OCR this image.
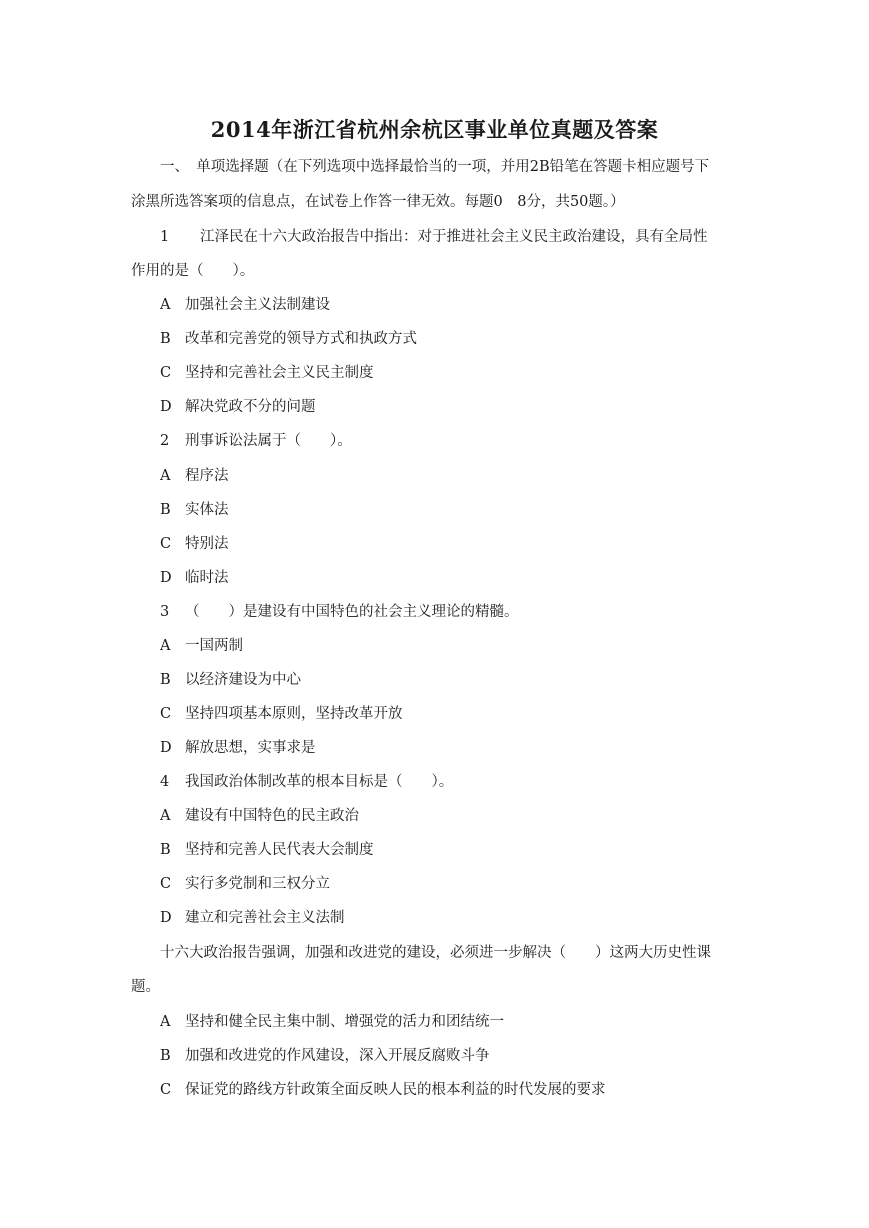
2014年浙江省杭州余杭区事业单位真题及答案
一、　单项选择题（在下列选项中选择最恰当的一项，并用2B铅笔在答题卡相应题号下
涂黑所选答案项的信息点，在试卷上作答一律无效。每题0　8分，共50题。）
1 江泽民在十六大政治报告中指出：对于推进社会主义民主政治建设，具有全局性
作用的是（　　）。
A 加强社会主义法制建设
B 改革和完善党的领导方式和执政方式
C 坚持和完善社会主义民主制度
D 解决党政不分的问题
2 刑事诉讼法属于（　　）。
A 程序法
B 实体法
C 特别法
D 临时法
3 （　　）是建设有中国特色的社会主义理论的精髓。
A 一国两制
B 以经济建设为中心
C 坚持四项基本原则，坚持改革开放
D 解放思想，实事求是
4 我国政治体制改革的根本目标是（　　）。
A 建设有中国特色的民主政治
B 坚持和完善人民代表大会制度
C 实行多党制和三权分立
D 建立和完善社会主义法制
十六大政治报告强调，加强和改进党的建设，必须进一步解决（　　）这两大历史性课
题。
A 坚持和健全民主集中制、增强党的活力和团结统一
B 加强和改进党的作风建设，深入开展反腐败斗争
C 保证党的路线方针政策全面反映人民的根本利益的时代发展的要求
